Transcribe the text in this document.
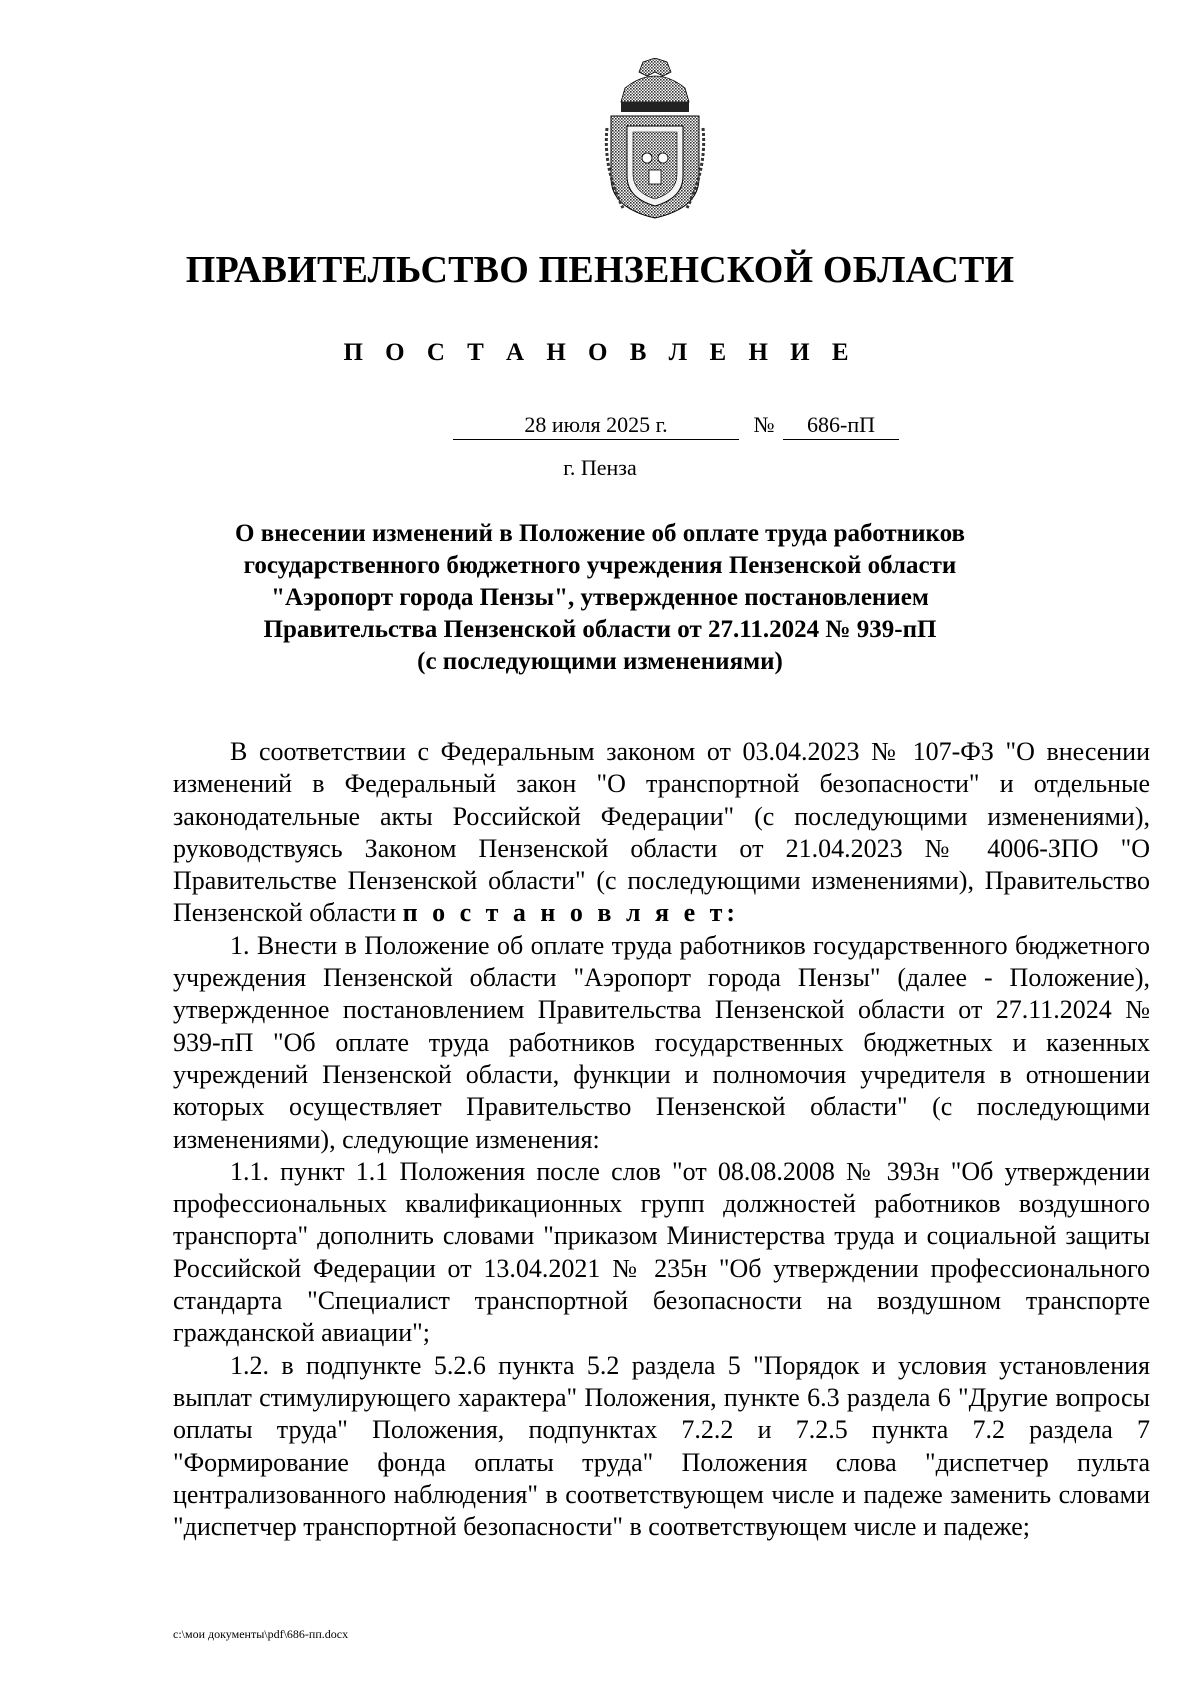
ПРАВИТЕЛЬСТВО ПЕНЗЕНСКОЙ ОБЛАСТИ
П О С Т А Н О В Л Е Н И Е
28 июля 2025 г.	№	686-пП
г. Пенза
О внесении изменений в Положение об оплате труда работников
государственного бюджетного учреждения Пензенской области
"Аэропорт города Пензы", утвержденное постановлением
Правительства Пензенской области от 27.11.2024 № 939-пП
(с последующими изменениями)

В соответствии с Федеральным законом от 03.04.2023 № 107-ФЗ "О внесении изменений в Федеральный закон "О транспортной безопасности" и отдельные законодательные акты Российской Федерации" (с последующими изменениями), руководствуясь Законом Пензенской области от 21.04.2023 № 4006-ЗПО "О Правительстве Пензенской области" (с последующими изменениями), Правительство Пензенской области п о с т а н о в л я е т:

1. Внести в Положение об оплате труда работников государственного бюджетного учреждения Пензенской области "Аэропорт города Пензы" (далее - Положение), утвержденное постановлением Правительства Пензенской области от 27.11.2024 № 939-пП "Об оплате труда работников государственных бюджетных и казенных учреждений Пензенской области, функции и полномочия учредителя в отношении которых осуществляет Правительство Пензенской области" (с последующими изменениями), следующие изменения:

1.1. пункт 1.1 Положения после слов "от 08.08.2008 № 393н "Об утверждении профессиональных квалификационных групп должностей работников воздушного транспорта" дополнить словами "приказом Министерства труда и социальной защиты Российской Федерации от 13.04.2021 № 235н "Об утверждении профессионального стандарта "Специалист транспортной безопасности на воздушном транспорте гражданской авиации";

1.2. в подпункте 5.2.6 пункта 5.2 раздела 5 "Порядок и условия установления выплат стимулирующего характера" Положения, пункте 6.3 раздела 6 "Другие вопросы оплаты труда" Положения, подпунктах 7.2.2 и 7.2.5 пункта 7.2 раздела 7 "Формирование фонда оплаты труда" Положения слова "диспетчер пульта централизованного наблюдения" в соответствующем числе и падеже заменить словами "диспетчер транспортной безопасности" в соответствующем числе и падеже;

c:\мои документы\pdf\686-пп.docx
